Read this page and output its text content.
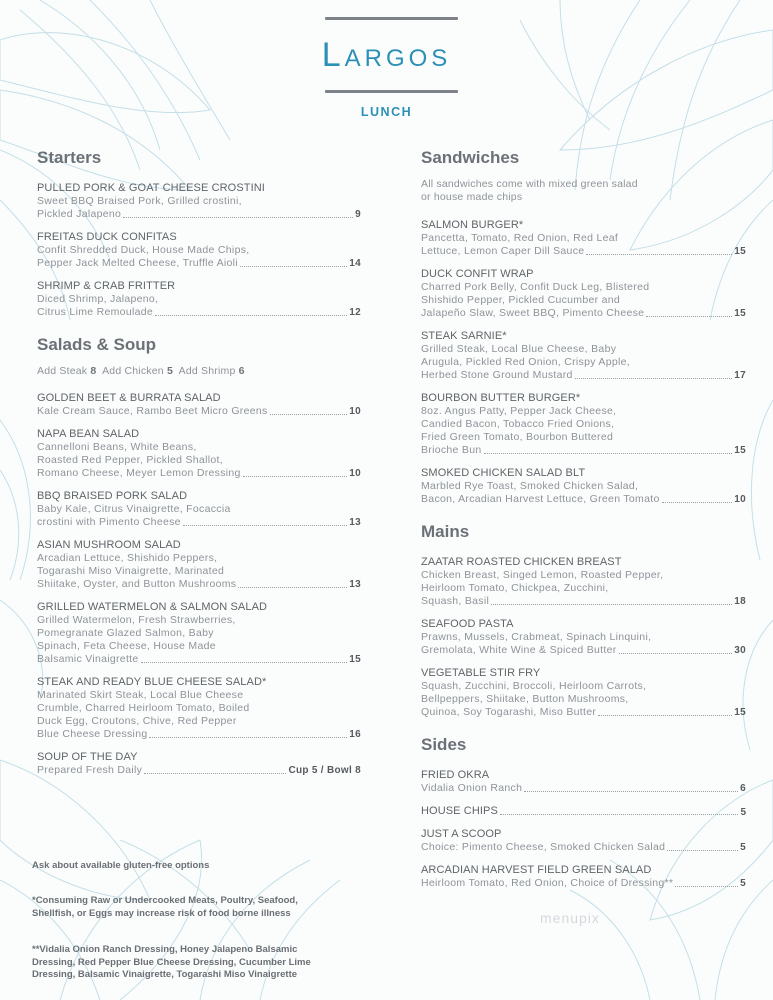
Largos
LUNCH
Starters
PULLED PORK & GOAT CHEESE CROSTINI
Sweet BBQ Braised Pork, Grilled crostini,
Pickled Jalapeno	9
FREITAS DUCK CONFITAS
Confit Shredded Duck, House Made Chips,
Pepper Jack Melted Cheese, Truffle Aioli	14
SHRIMP & CRAB FRITTER
Diced Shrimp, Jalapeno,
Citrus Lime Remoulade	12
Salads & Soup
Add Steak 8 Add Chicken 5 Add Shrimp 6
GOLDEN BEET & BURRATA SALAD
Kale Cream Sauce, Rambo Beet Micro Greens	10
NAPA BEAN SALAD
Cannelloni Beans, White Beans,
Roasted Red Pepper, Pickled Shallot,
Romano Cheese, Meyer Lemon Dressing	10
BBQ BRAISED PORK SALAD
Baby Kale, Citrus Vinaigrette, Focaccia
crostini with Pimento Cheese	13
ASIAN MUSHROOM SALAD
Arcadian Lettuce, Shishido Peppers,
Togarashi Miso Vinaigrette, Marinated
Shiitake, Oyster, and Button Mushrooms	13
GRILLED WATERMELON & SALMON SALAD
Grilled Watermelon, Fresh Strawberries,
Pomegranate Glazed Salmon, Baby
Spinach, Feta Cheese, House Made
Balsamic Vinaigrette	15
STEAK AND READY BLUE CHEESE SALAD*
Marinated Skirt Steak, Local Blue Cheese
Crumble, Charred Heirloom Tomato, Boiled
Duck Egg, Croutons, Chive, Red Pepper
Blue Cheese Dressing	16
SOUP OF THE DAY
Prepared Fresh Daily	Cup 5 / Bowl 8
Sandwiches
All sandwiches come with mixed green salad
or house made chips
SALMON BURGER*
Pancetta, Tomato, Red Onion, Red Leaf
Lettuce, Lemon Caper Dill Sauce	15
DUCK CONFIT WRAP
Charred Pork Belly, Confit Duck Leg, Blistered
Shishido Pepper, Pickled Cucumber and
Jalapeño Slaw, Sweet BBQ, Pimento Cheese	15
STEAK SARNIE*
Grilled Steak, Local Blue Cheese, Baby
Arugula, Pickled Red Onion, Crispy Apple,
Herbed Stone Ground Mustard	17
BOURBON BUTTER BURGER*
8oz. Angus Patty, Pepper Jack Cheese,
Candied Bacon, Tobacco Fried Onions,
Fried Green Tomato, Bourbon Buttered
Brioche Bun	15
SMOKED CHICKEN SALAD BLT
Marbled Rye Toast, Smoked Chicken Salad,
Bacon, Arcadian Harvest Lettuce, Green Tomato	10
Mains
ZAATAR ROASTED CHICKEN BREAST
Chicken Breast, Singed Lemon, Roasted Pepper,
Heirloom Tomato, Chickpea, Zucchini,
Squash, Basil	18
SEAFOOD PASTA
Prawns, Mussels, Crabmeat, Spinach Linquini,
Gremolata, White Wine & Spiced Butter	30
VEGETABLE STIR FRY
Squash, Zucchini, Broccoli, Heirloom Carrots,
Bellpeppers, Shiitake, Button Mushrooms,
Quinoa, Soy Togarashi, Miso Butter	15
Sides
FRIED OKRA
Vidalia Onion Ranch	6
HOUSE CHIPS	5
JUST A SCOOP
Choice: Pimento Cheese, Smoked Chicken Salad	5
ARCADIAN HARVEST FIELD GREEN SALAD
Heirloom Tomato, Red Onion, Choice of Dressing**	5
Ask about available gluten-free options
*Consuming Raw or Undercooked Meats, Poultry, Seafood, Shellfish, or Eggs may increase risk of food borne illness
**Vidalia Onion Ranch Dressing, Honey Jalapeno Balsamic Dressing, Red Pepper Blue Cheese Dressing, Cucumber Lime Dressing, Balsamic Vinaigrette, Togarashi Miso Vinaigrette
menupix
